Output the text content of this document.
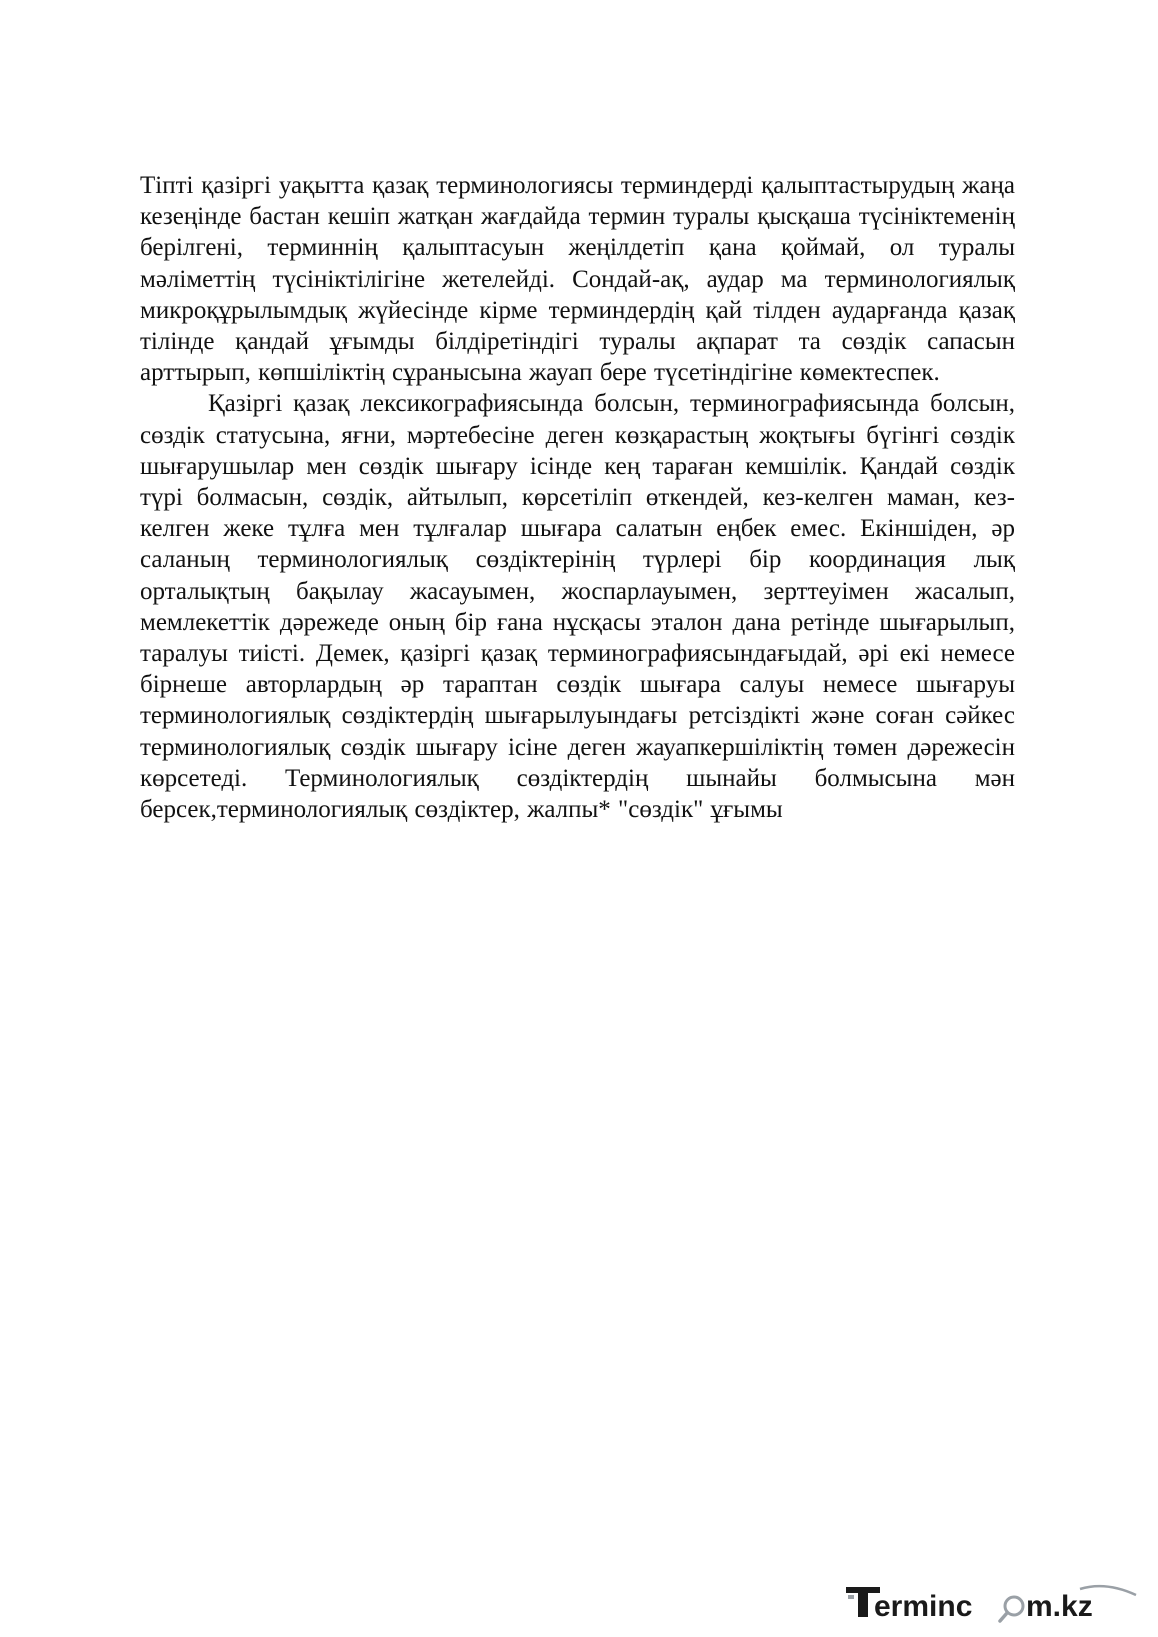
Тіпті қазіргі уақытта қазақ терминологиясы терминдерді қалыптастырудың жаңа кезеңінде бастан кешіп жатқан жағдайда термин туралы қысқаша түсініктеменің берілгені, терминнің қалыптасуын жеңілдетіп қана қоймай, ол туралы мәліметтің түсініктілігіне жетелейді. Сондай-ақ, аудар ма терминологиялық микроқұрылымдық жүйесінде кірме терминдердің қай тілден аударғанда қазақ тілінде қандай ұғымды білдіретіндігі туралы ақпарат та сөздік сапасын арттырып, көпшіліктің сұранысына жауап бере түсетіндігіне көмектеспек.

Қазіргі қазақ лексикографиясында болсын, терминографиясында болсын, сөздік статусына, яғни, мәртебесіне деген көзқарастың жоқтығы бүгінгі сөздік шығарушылар мен сөздік шығару ісінде кең тараған кемшілік. Қандай сөздік түрі болмасын, сөздік, айтылып, көрсетіліп өткендей, кез-келген маман, кез-келген жеке тұлға мен тұлғалар шығара салатын еңбек емес. Екіншіден, әр саланың терминологиялық сөздіктерінің түрлері бір координация лық орталықтың бақылау жасауымен, жоспарлауымен, зерттеуімен жасалып, мемлекеттік дәрежеде оның бір ғана нұсқасы эталон дана ретінде шығарылып, таралуы тиісті. Демек, қазіргі қазақ терминографиясындағыдай, әрі екі немесе бірнеше авторлардың әр тараптан сөздік шығара салуы немесе шығаруы терминологиялық сөздіктердің шығарылуындағы ретсіздікті және соған сәйкес терминологиялық сөздік шығару ісіне деген жауапкершіліктің төмен дәрежесін көрсетеді. Терминологиялық сөздіктердің шынайы болмысына мән берсек,терминологиялық сөздіктер, жалпы* "сөздік" ұғымы

erminc m.kz
